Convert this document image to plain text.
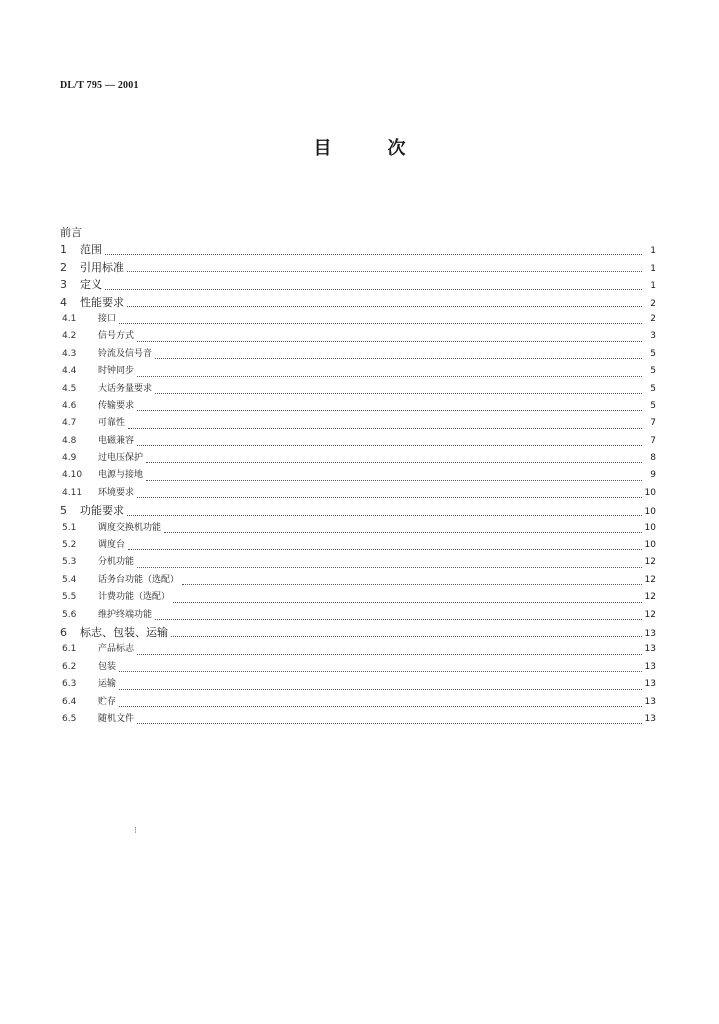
DL/T 795 — 2001
目	次
前言
1	范围	1
2	引用标准	1
3	定义	1
4	性能要求	2
4.1	接口	2
4.2	信号方式	3
4.3	铃流及信号音	5
4.4	时钟同步	5
4.5	大话务量要求	5
4.6	传输要求	5
4.7	可靠性	7
4.8	电磁兼容	7
4.9	过电压保护	8
4.10	电源与接地	9
4.11	环境要求	10
5	功能要求	10
5.1	调度交换机功能	10
5.2	调度台	10
5.3	分机功能	12
5.4	话务台功能（选配）	12
5.5	计费功能（选配）	12
5.6	维护终端功能	12
6	标志、包装、运输	13
6.1	产品标志	13
6.2	包装	13
6.3	运输	13
6.4	贮存	13
6.5	随机文件	13
⁝
